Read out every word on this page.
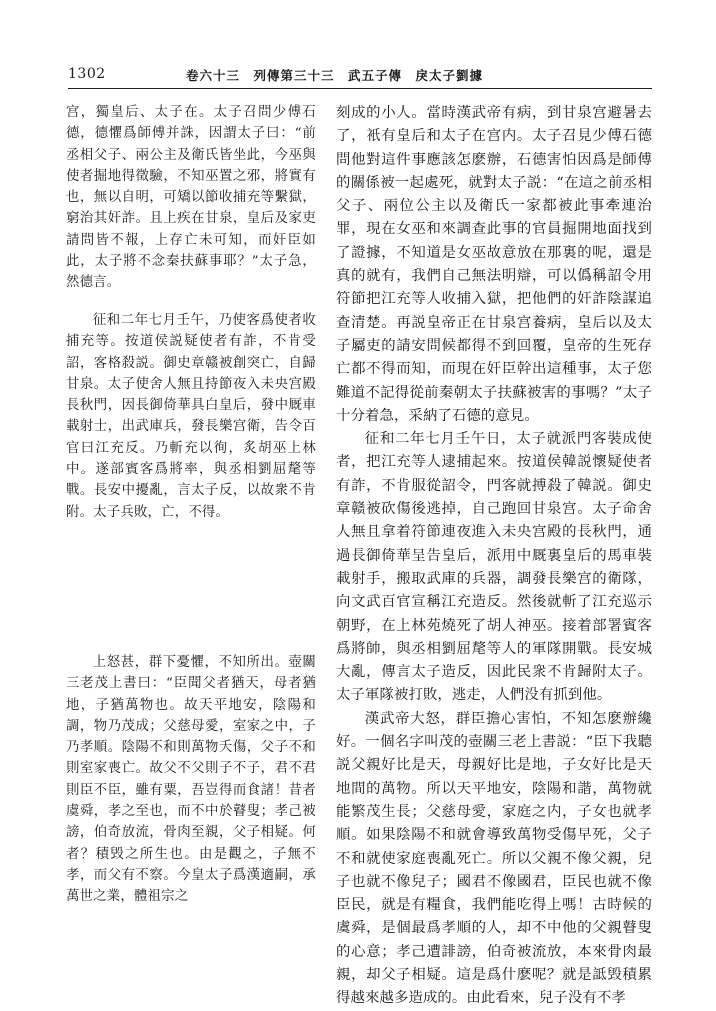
1302	卷六十三　列傳第三十三　武五子傳　戾太子劉據

宫，獨皇后、太子在。太子召問少傅石德，德懼爲師傅并誅，因謂太子曰：“前丞相父子、兩公主及衛氏皆坐此，今巫與使者掘地得徵驗，不知巫置之邪，將實有也，無以自明，可矯以節收捕充等繫獄，窮治其奸詐。且上疾在甘泉，皇后及家吏請問皆不報，上存亡未可知，而奸臣如此，太子將不念秦扶蘇事耶？”太子急，然德言。

征和二年七月壬午，乃使客爲使者收捕充等。按道侯説疑使者有詐，不肯受詔，客格殺説。御史章赣被創突亡，自歸甘泉。太子使舍人無且持節夜入未央宫殿長秋門，因長御倚華具白皇后，發中厩車載射士，出武庫兵，發長樂宫衛，告令百官曰江充反。乃斬充以徇，炙胡巫上林中。遂部賓客爲將率，與丞相劉屈氂等戰。長安中擾亂，言太子反，以故衆不肯附。太子兵敗，亡，不得。

上怒甚，群下憂懼，不知所出。壺關三老茂上書曰：“臣聞父者猶天，母者猶地，子猶萬物也。故天平地安，陰陽和調，物乃茂成；父慈母愛，室家之中，子乃孝順。陰陽不和則萬物夭傷，父子不和則室家喪亡。故父不父則子不子，君不君則臣不臣，雖有粟，吾豈得而食諸！昔者虞舜，孝之至也，而不中於瞽叟；孝己被謗，伯奇放流，骨肉至親，父子相疑。何者？積毁之所生也。由是觀之，子無不孝，而父有不察。今皇太子爲漢適嗣，承萬世之業，體祖宗之

刻成的小人。當時漢武帝有病，到甘泉宫避暑去了，衹有皇后和太子在宫内。太子召見少傅石德問他對這件事應該怎麽辦，石德害怕因爲是師傅的關係被一起處死，就對太子説：“在這之前丞相父子、兩位公主以及衛氏一家都被此事牽連治罪，現在女巫和來調查此事的官員掘開地面找到了證據，不知道是女巫故意放在那裏的呢，還是真的就有，我們自己無法明辯，可以僞稱詔令用符節把江充等人收捕入獄，把他們的奸詐陰謀追查清楚。再説皇帝正在甘泉宫養病，皇后以及太子屬吏的請安問候都得不到回覆，皇帝的生死存亡都不得而知，而現在奸臣幹出這種事，太子您難道不記得從前秦朝太子扶蘇被害的事嗎？”太子十分着急，采納了石德的意見。

征和二年七月壬午日，太子就派門客裝成使者，把江充等人逮捕起來。按道侯韓説懷疑使者有詐，不肯服從詔令，門客就搏殺了韓説。御史章赣被砍傷後逃掉，自己跑回甘泉宫。太子命舍人無且拿着符節連夜進入未央宫殿的長秋門，通過長御倚華呈告皇后，派用中厩裏皇后的馬車裝載射手，搬取武庫的兵器，調發長樂宫的衛隊，向文武百官宣稱江充造反。然後就斬了江充巡示朝野，在上林苑燒死了胡人神巫。接着部署賓客爲將帥，與丞相劉屈氂等人的軍隊開戰。長安城大亂，傳言太子造反，因此民衆不肯歸附太子。太子軍隊被打敗，逃走，人們没有抓到他。

漢武帝大怒，群臣擔心害怕，不知怎麽辦纔好。一個名字叫茂的壺關三老上書説：“臣下我聽説父親好比是天，母親好比是地，子女好比是天地間的萬物。所以天平地安，陰陽和諧，萬物就能繁茂生長；父慈母愛，家庭之内，子女也就孝順。如果陰陽不和就會導致萬物受傷早死，父子不和就使家庭喪亂死亡。所以父親不像父親，兒子也就不像兒子；國君不像國君，臣民也就不像臣民，就是有糧食，我們能吃得上嗎！古時候的虞舜，是個最爲孝順的人，却不中他的父親瞽叟的心意；孝己遭誹謗，伯奇被流放，本來骨肉最親，却父子相疑。這是爲什麽呢？就是詆毁積累得越來越多造成的。由此看來，兒子没有不孝
